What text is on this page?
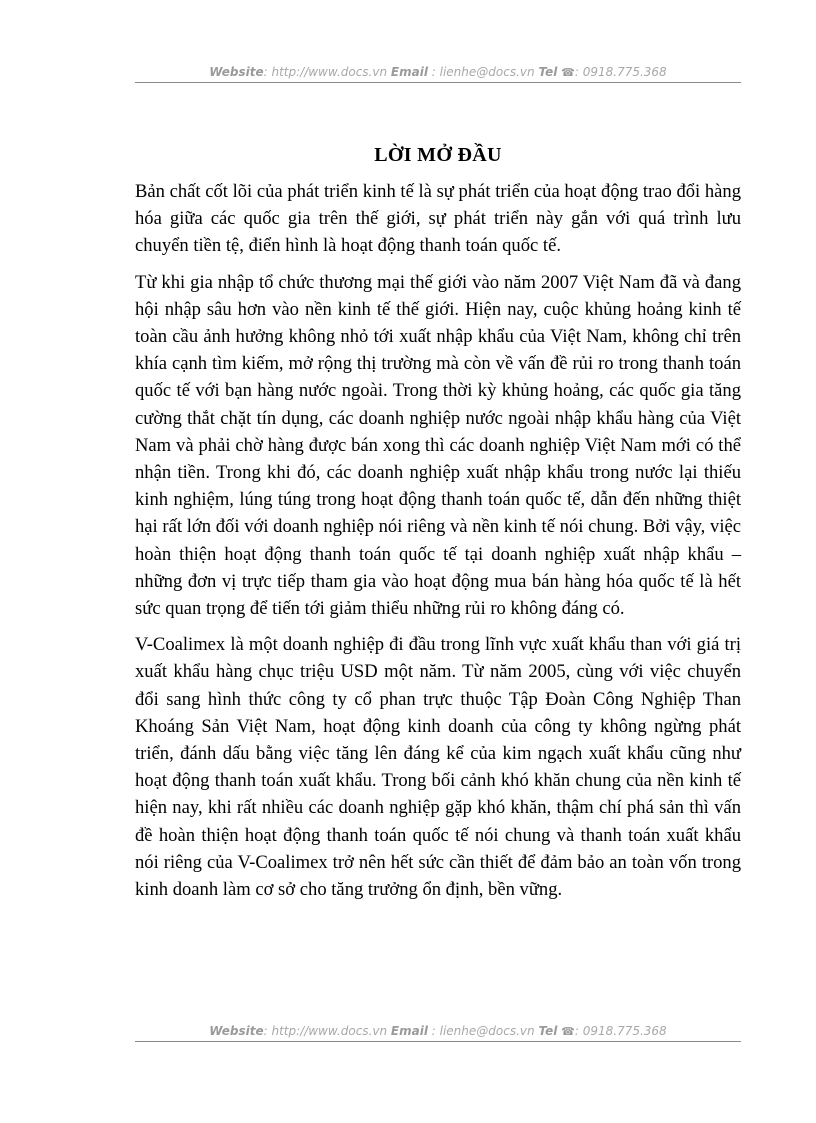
Website: http://www.docs.vn Email : lienhe@docs.vn Tel ☎: 0918.775.368
LỜI MỞ ĐẦU

Bản chất cốt lõi của phát triển kinh tế là sự phát triển của hoạt động trao đổi hàng hóa giữa các quốc gia trên thế giới, sự phát triển này gắn với quá trình lưu chuyển tiền tệ, điển hình là hoạt động thanh toán quốc tế.

Từ khi gia nhập tổ chức thương mại thế giới vào năm 2007 Việt Nam đã và đang hội nhập sâu hơn vào nền kinh tế thế giới. Hiện nay, cuộc khủng hoảng kinh tế toàn cầu ảnh hưởng không nhỏ tới xuất nhập khẩu của Việt Nam, không chỉ trên khía cạnh tìm kiếm, mở rộng thị trường mà còn về vấn đề rủi ro trong thanh toán quốc tế với bạn hàng nước ngoài. Trong thời kỳ khủng hoảng, các quốc gia tăng cường thắt chặt tín dụng, các doanh nghiệp nước ngoài nhập khẩu hàng của Việt Nam và phải chờ hàng được bán xong thì các doanh nghiệp Việt Nam mới có thể nhận tiền. Trong khi đó, các doanh nghiệp xuất nhập khẩu trong nước lại thiếu kinh nghiệm, lúng túng trong hoạt động thanh toán quốc tế, dẫn đến những thiệt hại rất lớn đối với doanh nghiệp nói riêng và nền kinh tế nói chung. Bởi vậy, việc hoàn thiện hoạt động thanh toán quốc tế tại doanh nghiệp xuất nhập khẩu – những đơn vị trực tiếp tham gia vào hoạt động mua bán hàng hóa quốc tế là hết sức quan trọng để tiến tới giảm thiểu những rủi ro không đáng có.

V-Coalimex là một doanh nghiệp đi đầu trong lĩnh vực xuất khẩu than với giá trị xuất khẩu hàng chục triệu USD một năm. Từ năm 2005, cùng với việc chuyển đổi sang hình thức công ty cổ phan trực thuộc Tập Đoàn Công Nghiệp Than Khoáng Sản Việt Nam, hoạt động kinh doanh của công ty không ngừng phát triển, đánh dấu bằng việc tăng lên đáng kể của kim ngạch xuất khẩu cũng như hoạt động thanh toán xuất khẩu. Trong bối cảnh khó khăn chung của nền kinh tế hiện nay, khi rất nhiều các doanh nghiệp gặp khó khăn, thậm chí phá sản thì vấn đề hoàn thiện hoạt động thanh toán quốc tế nói chung và thanh toán xuất khẩu nói riêng của V-Coalimex trở nên hết sức cần thiết để đảm bảo an toàn vốn trong kinh doanh làm cơ sở cho tăng trưởng ổn định, bền vững.

Website: http://www.docs.vn Email : lienhe@docs.vn Tel ☎: 0918.775.368
